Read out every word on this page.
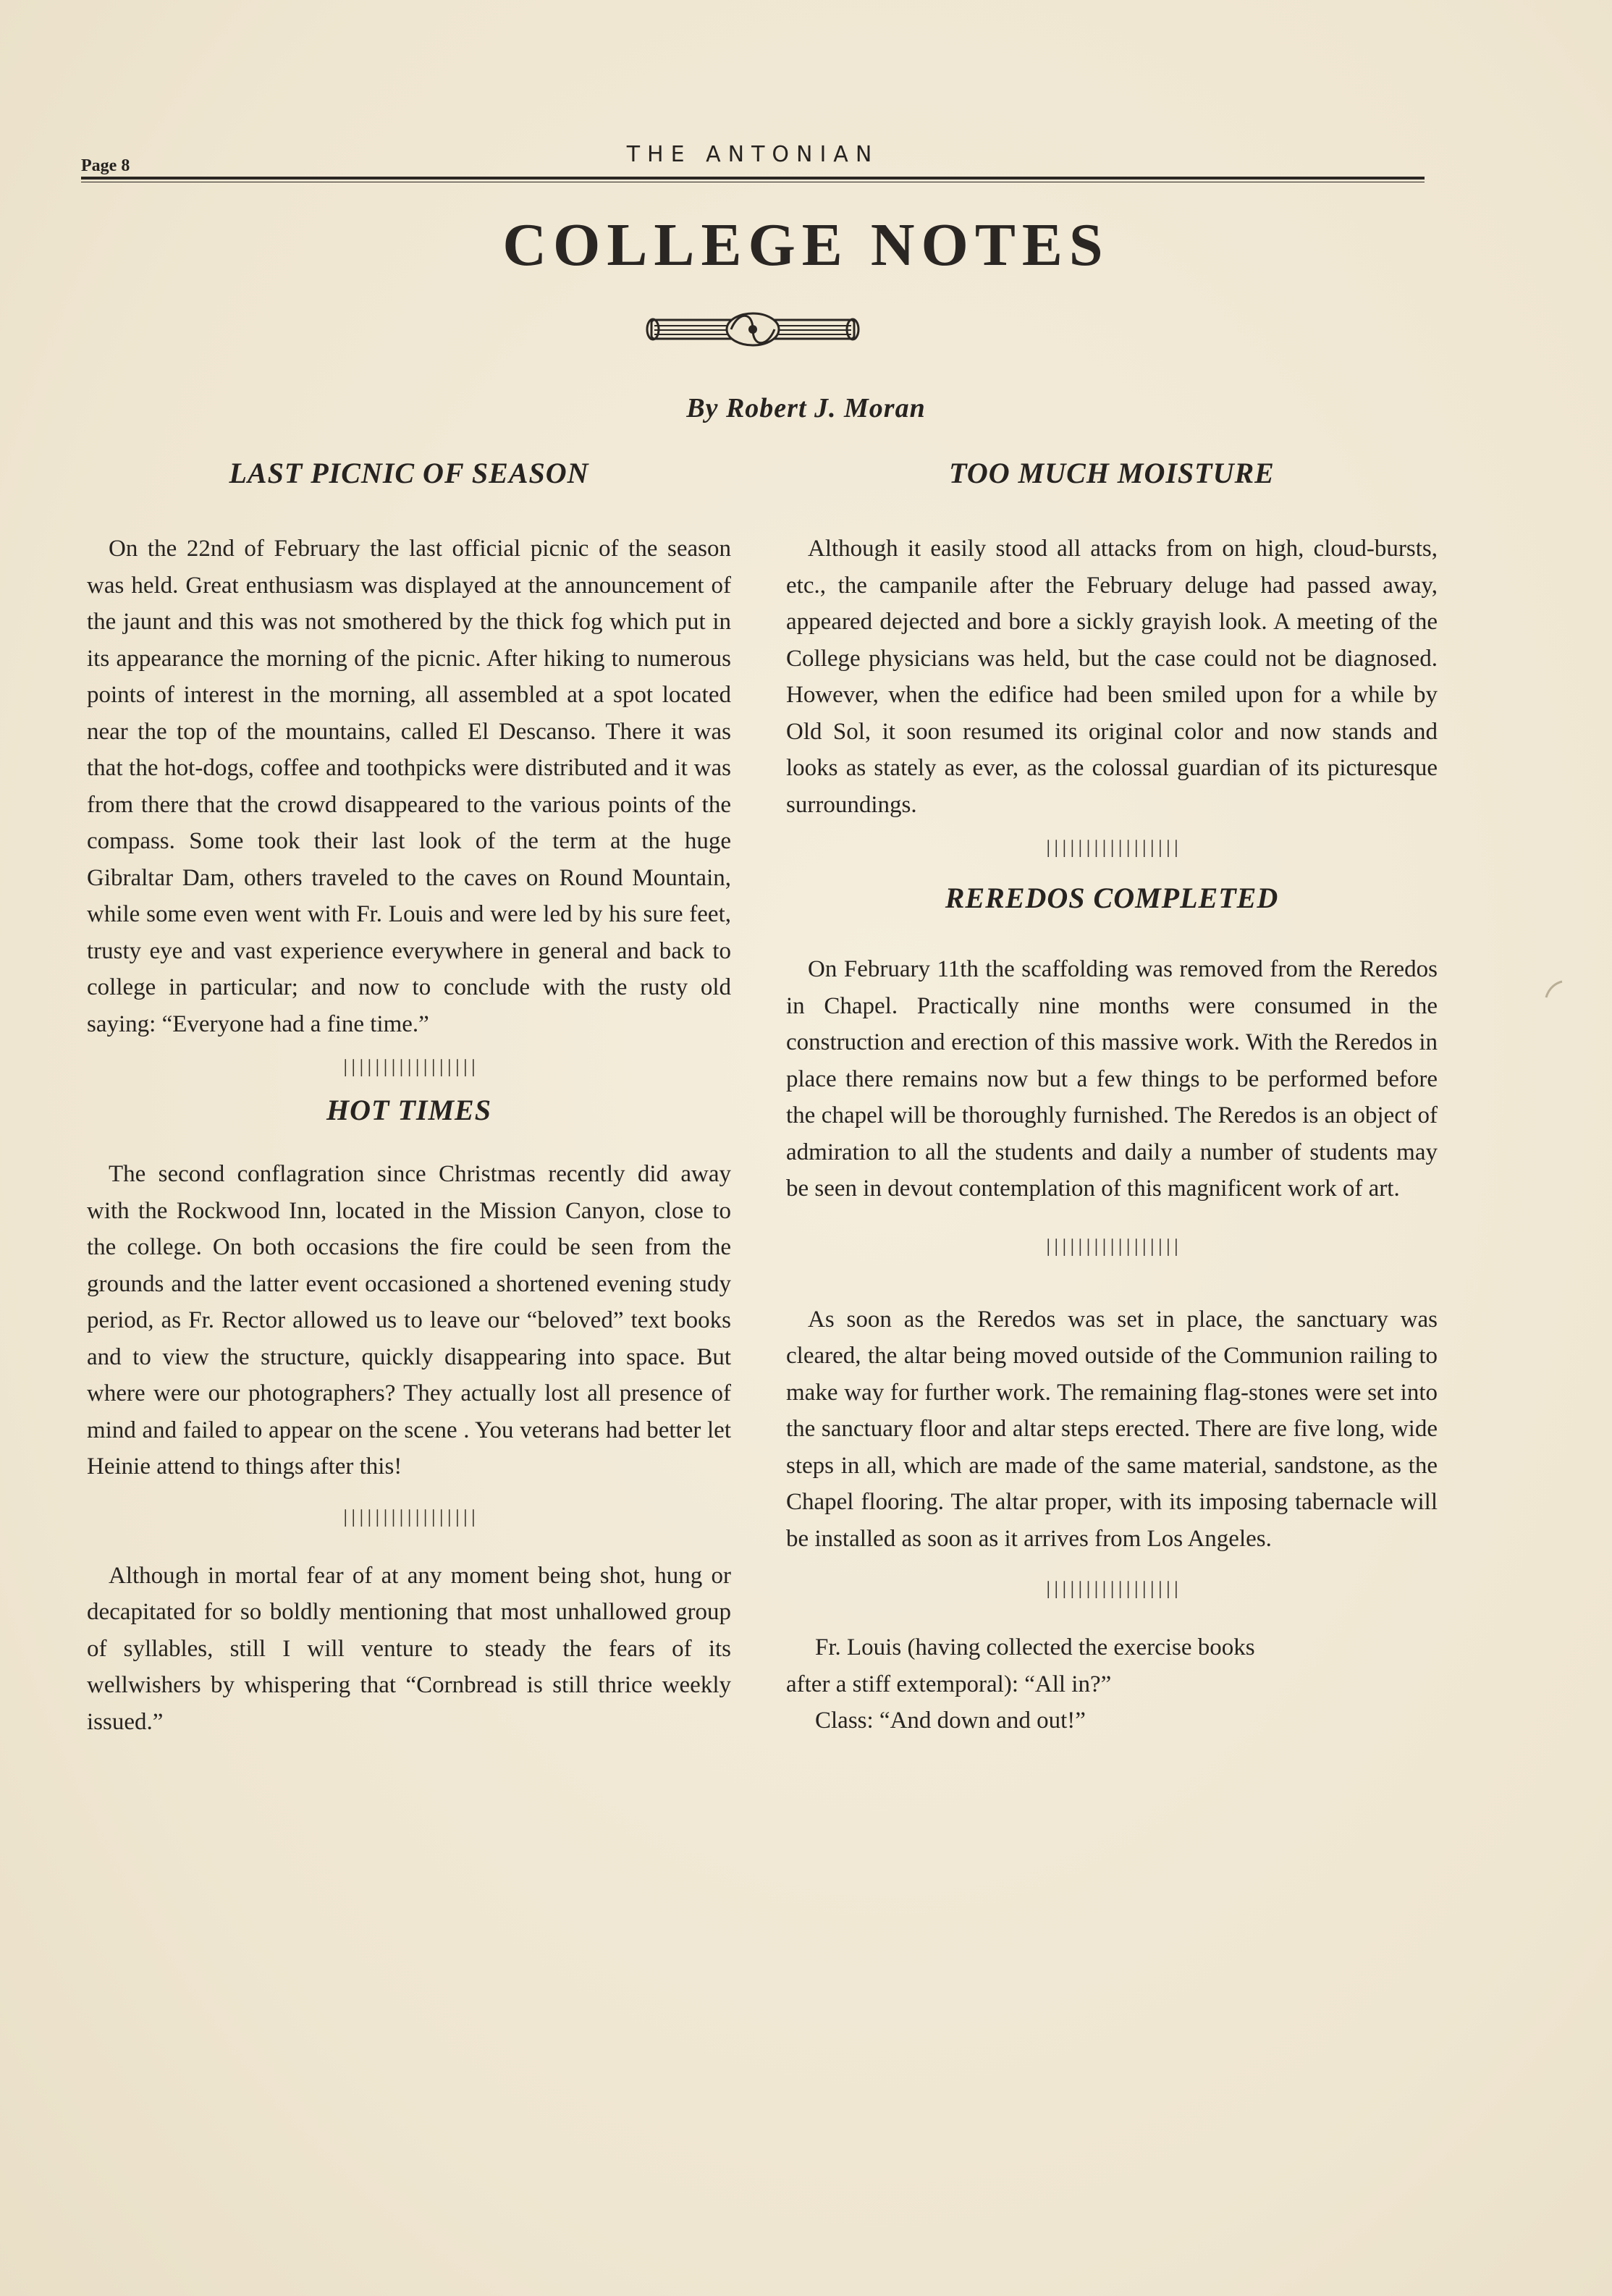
Page 8	THE ANTONIAN
COLLEGE NOTES
By Robert J. Moran
LAST PICNIC OF SEASON

On the 22nd of February the last official picnic of the season was held. Great enthusiasm was displayed at the announcement of the jaunt and this was not smothered by the thick fog which put in its appearance the morning of the picnic. After hiking to numerous points of interest in the morning, all assembled at a spot located near the top of the mountains, called El Descanso. There it was that the hot-dogs, coffee and toothpicks were distributed and it was from there that the crowd disappeared to the various points of the compass. Some took their last look of the term at the huge Gibraltar Dam, others traveled to the caves on Round Mountain, while some even went with Fr. Louis and were led by his sure feet, trusty eye and vast experience everywhere in general and back to college in particular; and now to conclude with the rusty old saying: “Everyone had a fine time.”

│││││││││││││││││
HOT TIMES

The second conflagration since Christmas recently did away with the Rockwood Inn, located in the Mission Canyon, close to the college. On both occasions the fire could be seen from the grounds and the latter event occasioned a shortened evening study period, as Fr. Rector allowed us to leave our “beloved” text books and to view the structure, quickly disappearing into space. But where were our photographers? They actually lost all presence of mind and failed to appear on the scene . You veterans had better let Heinie attend to things after this!

│││││││││││││││││

Although in mortal fear of at any moment being shot, hung or decapitated for so boldly mentioning that most unhallowed group of syllables, still I will venture to steady the fears of its wellwishers by whispering that “Cornbread is still thrice weekly issued.”

TOO MUCH MOISTURE

Although it easily stood all attacks from on high, cloud-bursts, etc., the campanile after the February deluge had passed away, appeared dejected and bore a sickly grayish look. A meeting of the College physicians was held, but the case could not be diagnosed. However, when the edifice had been smiled upon for a while by Old Sol, it soon resumed its original color and now stands and looks as stately as ever, as the colossal guardian of its picturesque surroundings.

│││││││││││││││││
REREDOS COMPLETED

On February 11th the scaffolding was removed from the Reredos in Chapel. Practically nine months were consumed in the construction and erection of this massive work. With the Reredos in place there remains now but a few things to be performed before the chapel will be thoroughly furnished. The Reredos is an object of admiration to all the students and daily a number of students may be seen in devout contemplation of this magnificent work of art.

│││││││││││││││││

As soon as the Reredos was set in place, the sanctuary was cleared, the altar being moved outside of the Communion railing to make way for further work. The remaining flag-stones were set into the sanctuary floor and altar steps erected. There are five long, wide steps in all, which are made of the same material, sandstone, as the Chapel flooring. The altar proper, with its imposing tabernacle will be installed as soon as it arrives from Los Angeles.

│││││││││││││││││

Fr. Louis (having collected the exercise books

after a stiff extemporal): “All in?”

Class: “And down and out!”
